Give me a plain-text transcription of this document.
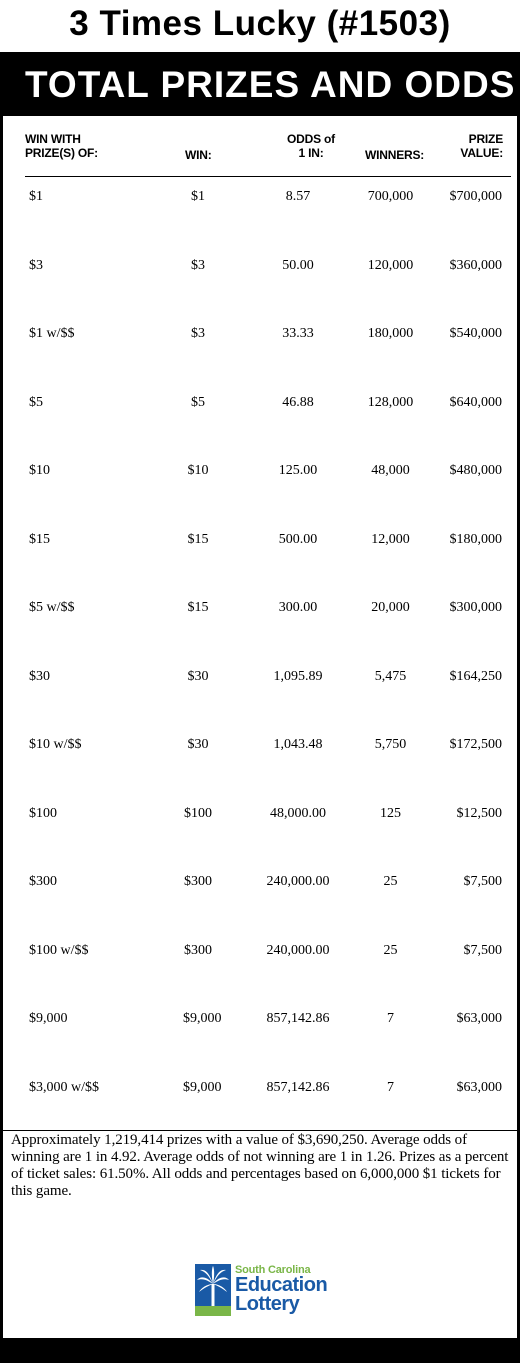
3 Times Lucky (#1503)
TOTAL PRIZES AND ODDS
WIN WITH
PRIZE(S) OF:	WIN:
ODDS of
1 IN:	WINNERS:
PRIZE
VALUE:
$1	$1	8.57	700,000	$700,000
$3	$3	50.00	120,000	$360,000
$1 w/$$	$3	33.33	180,000	$540,000
$5	$5	46.88	128,000	$640,000
$10	$10	125.00	48,000	$480,000
$15	$15	500.00	12,000	$180,000
$5 w/$$	$15	300.00	20,000	$300,000
$30	$30	1,095.89	5,475	$164,250
$10 w/$$	$30	1,043.48	5,750	$172,500
$100	$100	48,000.00	125	$12,500
$300	$300	240,000.00	25	$7,500
$100 w/$$	$300	240,000.00	25	$7,500
$9,000	$9,000	857,142.86	7	$63,000
$3,000 w/$$	$9,000	857,142.86	7	$63,000
Approximately 1,219,414 prizes with a value of $3,690,250. Average odds of winning are 1 in 4.92. Average odds of not winning are 1 in 1.26. Prizes as a percent of ticket sales: 61.50%. All odds and percentages based on 6,000,000 $1 tickets for this game.
South Carolina
Education
Lottery
